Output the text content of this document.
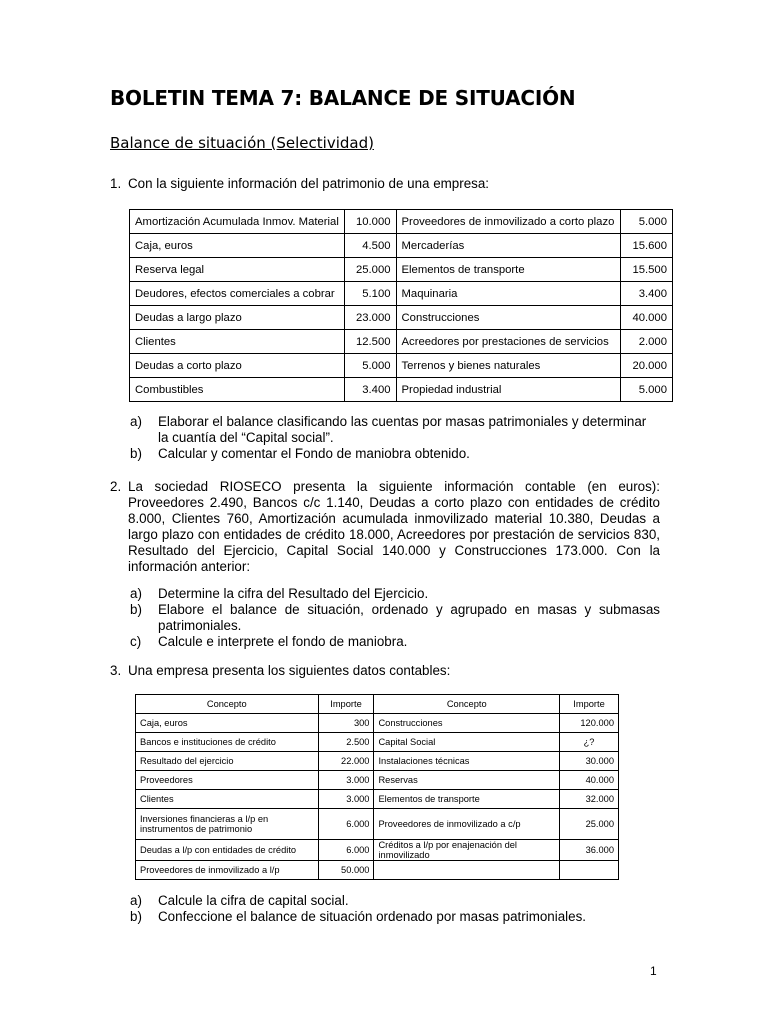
BOLETIN TEMA 7: BALANCE DE SITUACIÓN
Balance de situación (Selectividad)
1. Con la siguiente información del patrimonio de una empresa:
Amortización Acumulada Inmov. Material	10.000	Proveedores de inmovilizado a corto plazo	5.000
Caja, euros	4.500	Mercaderías	15.600
Reserva legal	25.000	Elementos de transporte	15.500
Deudores, efectos comerciales a cobrar	5.100	Maquinaria	3.400
Deudas a largo plazo	23.000	Construcciones	40.000
Clientes	12.500	Acreedores por prestaciones de servicios	2.000
Deudas a corto plazo	5.000	Terrenos y bienes naturales	20.000
Combustibles	3.400	Propiedad industrial	5.000
a)	Elaborar el balance clasificando las cuentas por masas patrimoniales y determinar la cuantía del “Capital social”.
b)	Calcular y comentar el Fondo de maniobra obtenido.
2. La sociedad RIOSECO presenta la siguiente información contable (en euros): Proveedores 2.490, Bancos c/c 1.140, Deudas a corto plazo con entidades de crédito 8.000, Clientes 760, Amortización acumulada inmovilizado material 10.380, Deudas a largo plazo con entidades de crédito 18.000, Acreedores por prestación de servicios 830, Resultado del Ejercicio, Capital Social 140.000 y Construcciones 173.000. Con la información anterior:

a)	Determine la cifra del Resultado del Ejercicio.
b)	Elabore el balance de situación, ordenado y agrupado en masas y submasas patrimoniales.
c)	Calcule e interprete el fondo de maniobra.
3. Una empresa presenta los siguientes datos contables:
Concepto	Importe	Concepto	Importe
Caja, euros	300	Construcciones	120.000
Bancos e instituciones de crédito	2.500	Capital Social	¿?
Resultado del ejercicio	22.000	Instalaciones técnicas	30.000
Proveedores	3.000	Reservas	40.000
Clientes	3.000	Elementos de transporte	32.000
Inversiones financieras a l/p en instrumentos de patrimonio	6.000	Proveedores de inmovilizado a c/p	25.000
Deudas a l/p con entidades de crédito	6.000	Créditos a l/p por enajenación del inmovilizado	36.000
Proveedores de inmovilizado a l/p	50.000		
a)	Calcule la cifra de capital social.
b)	Confeccione el balance de situación ordenado por masas patrimoniales.
1
